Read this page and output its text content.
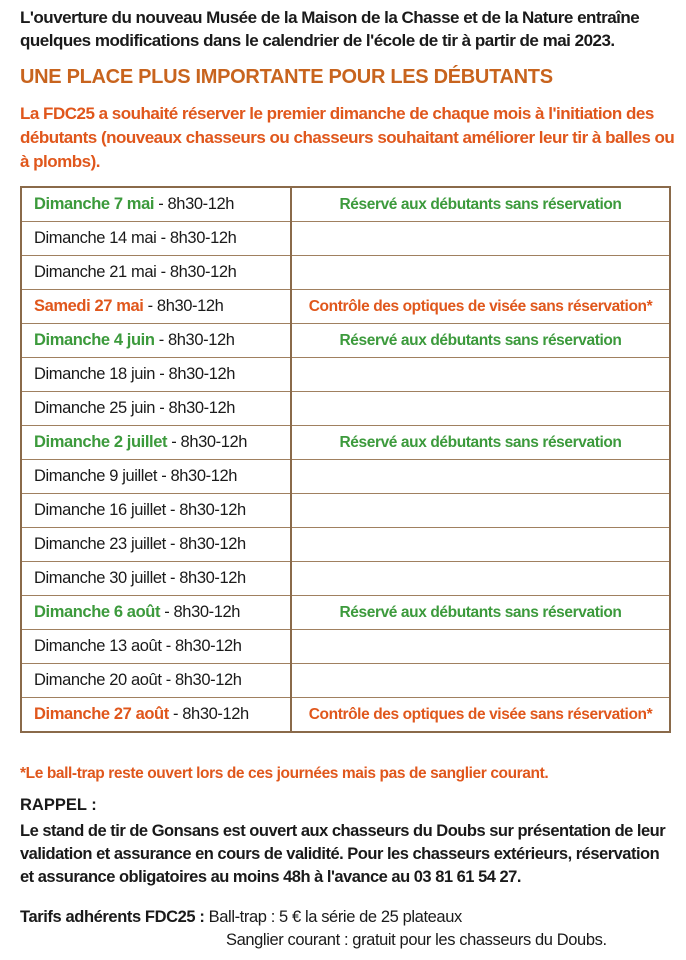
L'ouverture du nouveau Musée de la Maison de la Chasse et de la Nature entraîne quelques modifications dans le calendrier de l'école de tir à partir de mai 2023.
UNE PLACE PLUS IMPORTANTE POUR LES DÉBUTANTS
La FDC25 a souhaité réserver le premier dimanche de chaque mois à l'initiation des débutants (nouveaux chasseurs ou chasseurs souhaitant améliorer leur tir à balles ou à plombs).
Dimanche 7 mai - 8h30-12h	Réservé aux débutants sans réservation
Dimanche 14 mai - 8h30-12h	
Dimanche 21 mai - 8h30-12h	
Samedi 27 mai - 8h30-12h	Contrôle des optiques de visée sans réservation*
Dimanche 4 juin - 8h30-12h	Réservé aux débutants sans réservation
Dimanche 18 juin - 8h30-12h	
Dimanche 25 juin - 8h30-12h	
Dimanche 2 juillet - 8h30-12h	Réservé aux débutants sans réservation
Dimanche 9 juillet - 8h30-12h	
Dimanche 16 juillet - 8h30-12h	
Dimanche 23 juillet - 8h30-12h	
Dimanche 30 juillet - 8h30-12h	
Dimanche 6 août - 8h30-12h	Réservé aux débutants sans réservation
Dimanche 13 août - 8h30-12h	
Dimanche 20 août - 8h30-12h	
Dimanche 27 août - 8h30-12h	Contrôle des optiques de visée sans réservation*
*Le ball-trap reste ouvert lors de ces journées mais pas de sanglier courant.
RAPPEL :
Le stand de tir de Gonsans est ouvert aux chasseurs du Doubs sur présentation de leur validation et assurance en cours de validité. Pour les chasseurs extérieurs, réservation et assurance obligatoires au moins 48h à l'avance au 03 81 61 54 27.
Tarifs adhérents FDC25 : Ball-trap : 5 € la série de 25 plateaux
Sanglier courant : gratuit pour les chasseurs du Doubs.
